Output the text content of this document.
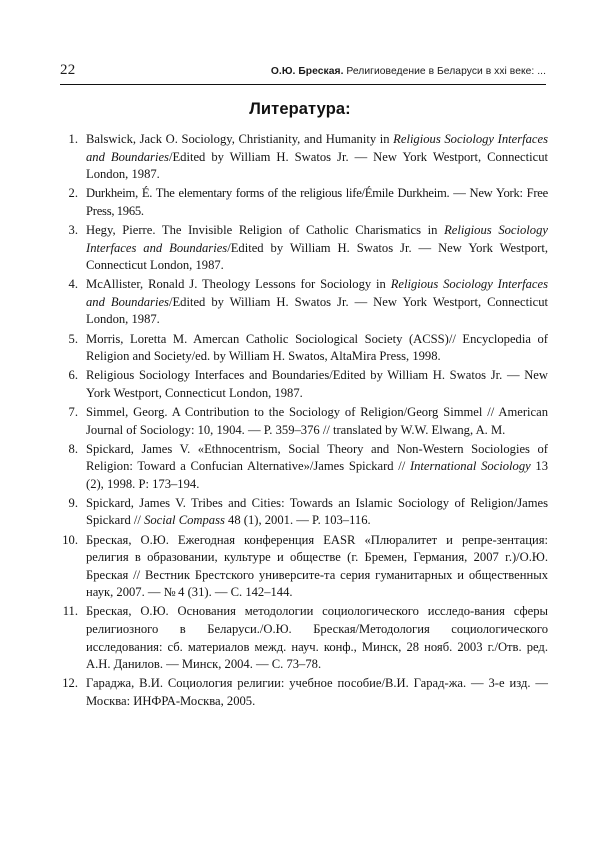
22	О.Ю. Бреская. Религиоведение в Беларуси в xxi веке: ...
Литература:
1. Balswick, Jack O. Sociology, Christianity, and Humanity in Religious Sociology Interfaces and Boundaries/Edited by William H. Swatos Jr. — New York Westport, Connecticut London, 1987.
2. Durkheim, É. The elementary forms of the religious life/Émile Durkheim. — New York: Free Press, 1965.
3. Hegy, Pierre. The Invisible Religion of Catholic Charismatics in Religious Sociology Interfaces and Boundaries/Edited by William H. Swatos Jr. — New York Westport, Connecticut London, 1987.
4. McAllister, Ronald J. Theology Lessons for Sociology in Religious Sociology Interfaces and Boundaries/Edited by William H. Swatos Jr. — New York Westport, Connecticut London, 1987.
5. Morris, Loretta M. Amercan Catholic Sociological Society (ACSS)// Encyclopedia of Religion and Society/ed. by William H. Swatos, AltaMira Press, 1998.
6. Religious Sociology Interfaces and Boundaries/Edited by William H. Swatos Jr. — New York Westport, Connecticut London, 1987.
7. Simmel, Georg. A Contribution to the Sociology of Religion/Georg Simmel // American Journal of Sociology: 10, 1904. — P. 359–376 // translated by W.W. Elwang, A. M.
8. Spickard, James V. «Ethnocentrism, Social Theory and Non-Western Sociologies of Religion: Toward a Confucian Alternative»/James Spickard // International Sociology 13 (2), 1998. P: 173–194.
9. Spickard, James V. Tribes and Cities: Towards an Islamic Sociology of Religion/James Spickard // Social Compass 48 (1), 2001. — P. 103–116.
10. Бреская, О.Ю. Ежегодная конференция EASR «Плюралитет и репре-зентация: религия в образовании, культуре и обществе (г. Бремен, Германия, 2007 г.)/О.Ю. Бреская // Вестник Брестского университе-та серия гуманитарных и общественных наук, 2007. — № 4 (31). — С. 142–144.
11. Бреская, О.Ю. Основания методологии социологического исследо-вания сферы религиозного в Беларуси./О.Ю. Бреская/Методология социологического исследования: сб. материалов межд. науч. конф., Минск, 28 нояб. 2003 г./Отв. ред. А.Н. Данилов. — Минск, 2004. — С. 73–78.
12. Гараджа, В.И. Социология религии: учебное пособие/В.И. Гарад-жа. — 3-е изд. — Москва: ИНФРА-Москва, 2005.
